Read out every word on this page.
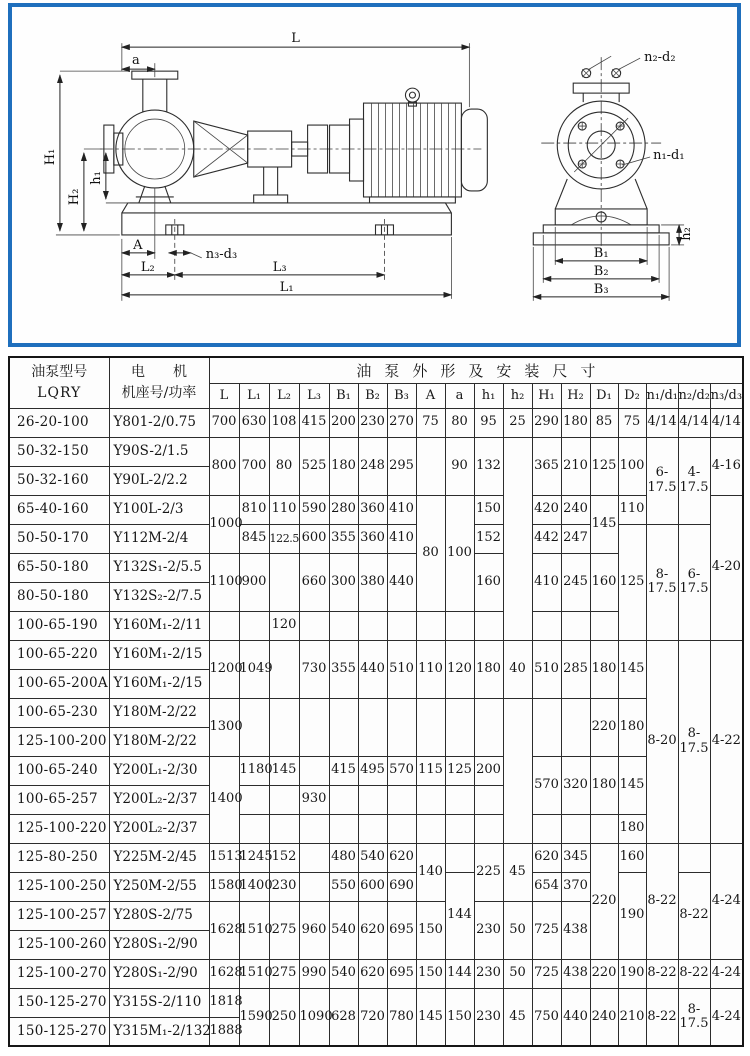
L
a
H₁
H₂
h₁
A
n₃-d₃
L₂	L₃
L₁
n₂-d₂
n₁-d₁
h₂
B₁
B₂
B₃
油泵型号
LQRY

电　　机
机座号/功率
	油泵外形及安装尺寸
		L	L₁	L₂	L₃	B₁	B₂	B₃	A	a	h₁	h₂	H₁	H₂	D₁	D₂	n₁/d₁	n₂/d₂	n₃/d₃
26-20-100	Y801-2/0.75	700	630	108	415	200	230	270	75	80	95	25	290	180	85	75	4/14	4/14	4/14
50-32-150	Y90S-2/1.5	800	700	80	525	180	248	295		90	132		365	210	125	100	6-17.5	4-17.5	4-16
50-32-160	Y90L-2/2.2																		
65-40-160	Y100L-2/3	1000	810	110	590	280	360	410	80	100	150		420	240	145	110			4-20
50-50-170	Y112M-2/4		845	122.5	600	355	360	410			152		442	247		125	8-17.5	6-17.5	
65-50-180	Y132S₁-2/5.5	1100	900		660	300	380	440			160		410	245	160				
80-50-180	Y132S₂-2/7.5																		
100-65-190	Y160M₁-2/11			120															
100-65-220	Y160M₁-2/15	1200	1049		730	355	440	510	110	120	180	40	510	285	180	145	8-20	8-17.5	4-22
100-65-200A	Y160M₁-2/15																		
100-65-230	Y180M-2/22	1300													220	180			
125-100-200	Y180M-2/22																		
100-65-240	Y200L₁-2/30	1400	1180	145		415	495	570	115	125	200		570	320	180	145			
100-65-257	Y200L₂-2/37				930														
125-100-220	Y200L₂-2/37															180			
125-80-250	Y225M-2/45	1513	1245	152		480	540	620	140		225	45	620	345	220	160	8-22		4-24
125-100-250	Y250M-2/55	1580	1400	230		550	600	690		144			654	370		190		8-22	
125-100-257	Y280S-2/75	1628	1510	275	960	540	620	695	150		230	50	725	438					
125-100-260	Y280S₁-2/90																		
125-100-270	Y280S₁-2/90	1628	1510	275	990	540	620	695	150	144	230	50	725	438	220	190	8-22	8-22	4-24
150-125-270	Y315S-2/110	1818	1590	250	1090	628	720	780	145	150	230	45	750	440	240	210	8-22	8-17.5	4-24
150-125-270	Y315M₁-2/132	1888																	
